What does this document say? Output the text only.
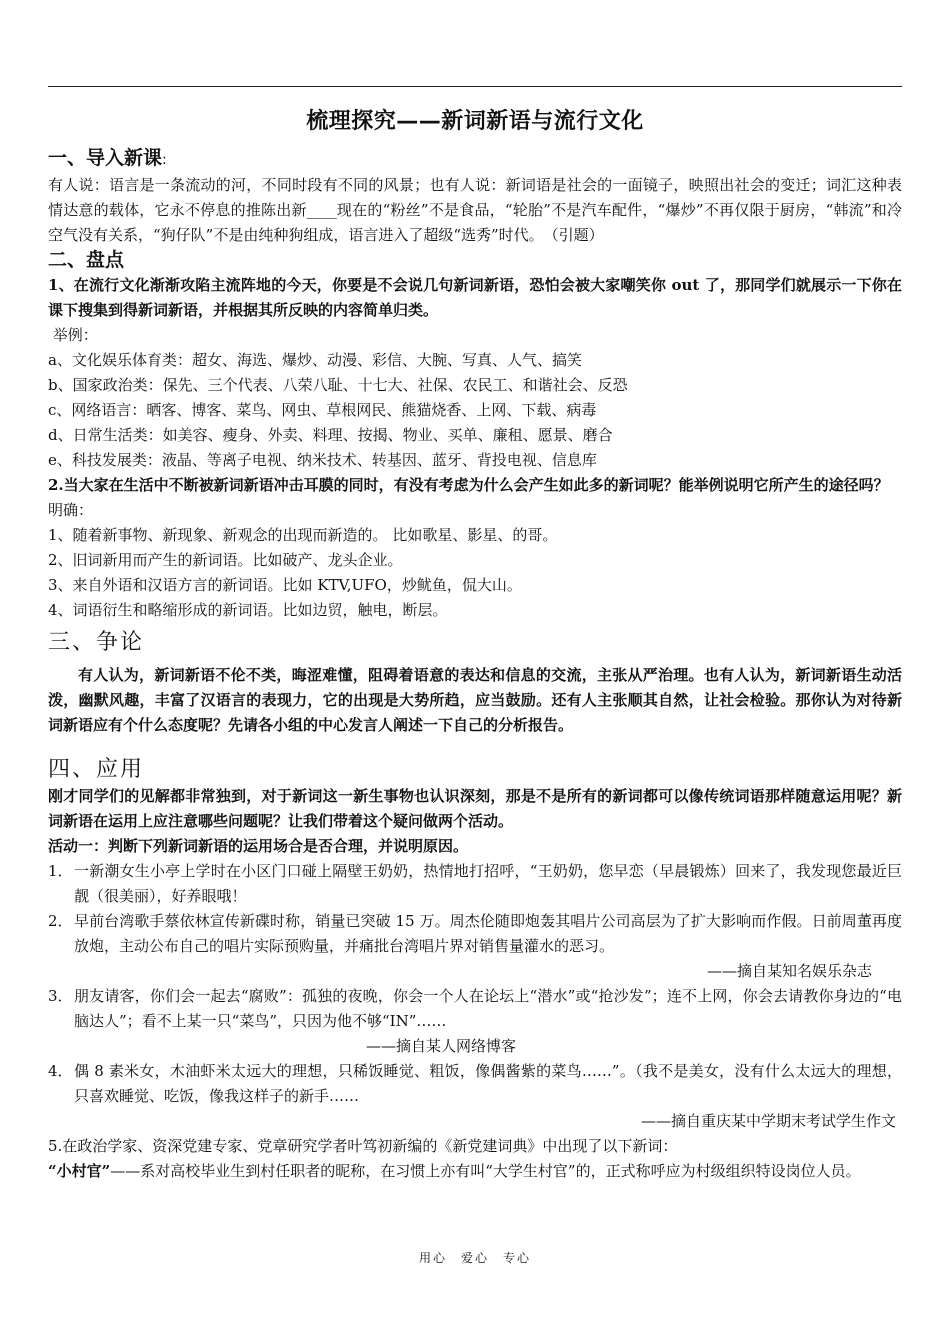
梳理探究——新词新语与流行文化

一、导入新课:

有人说：语言是一条流动的河，不同时段有不同的风景；也有人说：新词语是社会的一面镜子，映照出社会的变迁；词汇这种表情达意的载体，它永不停息的推陈出新____现在的“粉丝”不是食品，“轮胎”不是汽车配件，“爆炒”不再仅限于厨房，“韩流”和冷空气没有关系，“狗仔队”不是由纯种狗组成，语言进入了超级“选秀”时代。　（引题）

二、盘点

1、在流行文化渐渐攻陷主流阵地的今天，你要是不会说几句新词新语，恐怕会被大家嘲笑你 out 了，那同学们就展示一下你在课下搜集到得新词新语，并根据其所反映的内容简单归类。

举例：

a、文化娱乐体育类：超女、海选、爆炒、动漫、彩信、大腕、写真、人气、搞笑

b、国家政治类：保先、三个代表、八荣八耻、十七大、社保、农民工、和谐社会、反恐

c、网络语言：晒客、博客、菜鸟、网虫、草根网民、熊猫烧香、上网、下载、病毒

d、日常生活类：如美容、瘦身、外卖、料理、按揭、物业、买单、廉租、愿景、磨合

e、科技发展类：液晶、等离子电视、纳米技术、转基因、蓝牙、背投电视、信息库

2.当大家在生活中不断被新词新语冲击耳膜的同时，有没有考虑为什么会产生如此多的新词呢？能举例说明它所产生的途径吗？

明确：

1、随着新事物、新现象、新观念的出现而新造的。 比如歌星、影星、的哥。

2、旧词新用而产生的新词语。比如破产、龙头企业。

3、来自外语和汉语方言的新词语。比如 KTV,UFO，炒鱿鱼，侃大山。

4、词语衍生和略缩形成的新词语。比如边贸，触电，断层。

三、争论

有人认为，新词新语不伦不类，晦涩难懂，阻碍着语意的表达和信息的交流，主张从严治理。也有人认为，新词新语生动活泼，幽默风趣，丰富了汉语言的表现力，它的出现是大势所趋，应当鼓励。还有人主张顺其自然，让社会检验。那你认为对待新词新语应有个什么态度呢？先请各小组的中心发言人阐述一下自己的分析报告。

四、应用

刚才同学们的见解都非常独到，对于新词这一新生事物也认识深刻，那是不是所有的新词都可以像传统词语那样随意运用呢？新词新语在运用上应注意哪些问题呢？让我们带着这个疑问做两个活动。

活动一：判断下列新词新语的运用场合是否合理，并说明原因。

1． 一新潮女生小亭上学时在小区门口碰上隔壁王奶奶，热情地打招呼，“王奶奶，您早恋（早晨锻炼）回来了，我发现您最近巨靓（很美丽），好养眼哦！
2． 早前台湾歌手蔡依林宣传新碟时称，销量已突破 15 万。周杰伦随即炮轰其唱片公司高层为了扩大影响而作假。日前周董再度放炮，主动公布自己的唱片实际预购量，并痛批台湾唱片界对销售量灌水的恶习。

——摘自某知名娱乐杂志

3． 朋友请客，你们会一起去“腐败”：孤独的夜晚，你会一个人在论坛上“潜水”或“抢沙发”；连不上网，你会去请教你身边的“电脑达人”；看不上某一只“菜鸟”，只因为他不够“IN”……

——摘自某人网络博客

4． 偶 8 素米女，木油虾米太远大的理想，只稀饭睡觉、粗饭，像偶酱紫的菜鸟……”。（我不是美女，没有什么太远大的理想，只喜欢睡觉、吃饭，像我这样子的新手……

——摘自重庆某中学期末考试学生作文

5.在政治学家、资深党建专家、党章研究学者叶笃初新编的《新党建词典》中出现了以下新词：

“小村官”——系对高校毕业生到村任职者的昵称，在习惯上亦有叫“大学生村官”的，正式称呼应为村级组织特设岗位人员。

用心　爱心　专心
